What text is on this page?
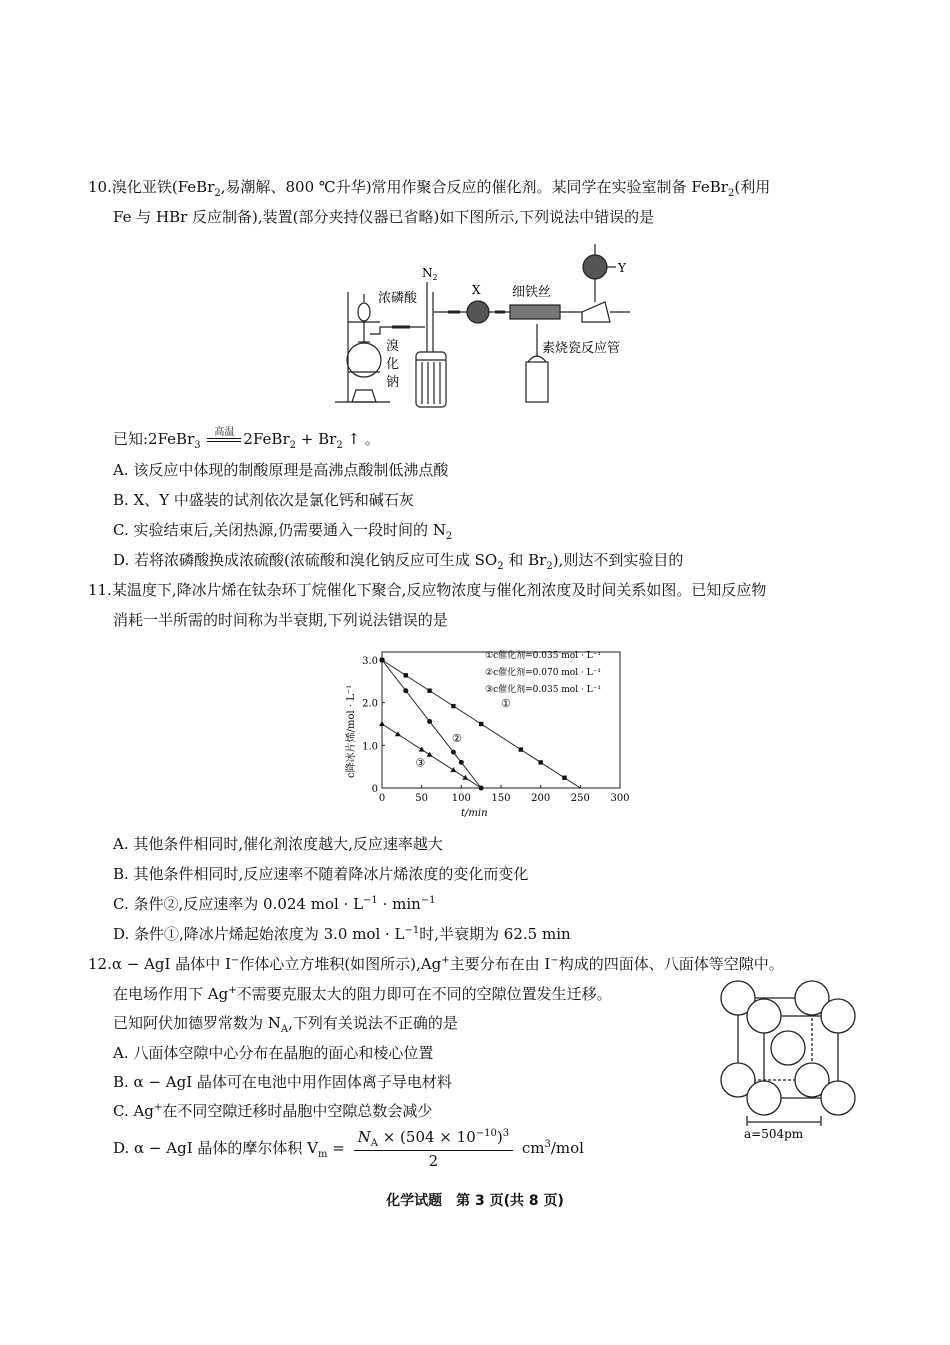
10.溴化亚铁(FeBr$_2$,易潮解、800 ℃升华)常用作聚合反应的催化剂。某同学在实验室制备 FeBr$_2$(利用
Fe 与 HBr 反应制备),装置(部分夹持仪器已省略)如下图所示,下列说法中错误的是
$N_2$
浓磷酸
溴
化
钠
X 细铁丝
Y
素烧瓷反应管
已知:2FeBr$_3$
高温 2FeBr$_2$ + $Br_2$ ↑ 。
A. 该反应中体现的制酸原理是高沸点酸制低沸点酸
B. X、Y 中盛装的试剂依次是氯化钙和碱石灰
C. 实验结束后,关闭热源,仍需要通入一段时间的 $N_2$
D. 若将浓磷酸换成浓硫酸(浓硫酸和溴化钠反应可生成 $SO_2$ 和 $Br_2$),则达不到实验目的
11.某温度下,降冰片烯在钛杂环丁烷催化下聚合,反应物浓度与催化剂浓度及时间关系如图。已知反应物
消耗一半所需的时间称为半衰期,下列说法错误的是
0	50 100 150 200 250 300
0
1.0
2.0
3.0
t/min
c降冰片烯/mol · L⁻¹	①
②
③
①c催化剂=0.035 mol · L⁻¹
②c催化剂=0.070 mol · L⁻¹
③c催化剂=0.035 mol · L⁻¹
A. 其他条件相同时,催化剂浓度越大,反应速率越大
B. 其他条件相同时,反应速率不随着降冰片烯浓度的变化而变化
C. 条件②,反应速率为 0.024 mol · $L^{-1} \cdot \min^{-1}$
D. 条件①,降冰片烯起始浓度为 3.0 mol · $L^{-1}$时,半衰期为 62.5 min
12.α − AgI 晶体中 I−作体心立方堆积(如图所示),Ag+主要分布在由 I−构成的四面体、八面体等空隙中。
在电场作用下 Ag+不需要克服太大的阻力即可在不同的空隙位置发生迁移。
已知阿伏加德罗常数为 $N_A$,下列有关说法不正确的是
A. 八面体空隙中心分布在晶胞的面心和棱心位置
B. α − AgI 晶体可在电池中用作固体离子导电材料
C. Ag+在不同空隙迁移时晶胞中空隙总数会减少
D. α − AgI 晶体的摩尔体积 $V_m = \frac{N_A \times (504 \times 10^{-10})^3}{2} cm^3/mol$
a=504pm
化学试题　第 3 页(共 8 页)
